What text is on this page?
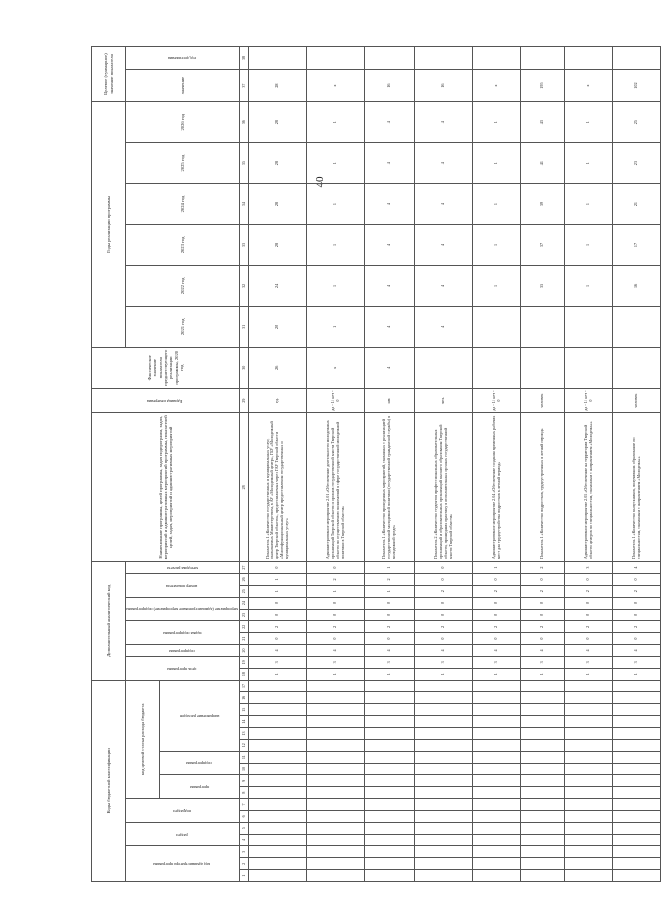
40
Коды бюджетной классификации																	Дополнительный аналитический код										Наименование программы, целей программы, задач подпрограмм, задач, мероприятий и административных мероприятий программы, показателей целей, задач, мероприятий и административных мероприятий	Единица измерения	Фактическое значение показателя предшествующего реализации программы, 2020 год	Годы реализации программы						Целевое (суммарное) значение показателя	
код администратора программы			раздел		подраздел		код целевой статьи расхода бюджета										цель программы		подпрограмма	задача подпрограммы		мероприятие (административное мероприятие) подпрограммы		номер показателя		методика расчета				2021 год	2022 год	2023 год	2024 год	2025 год	2026 год	значение	год достижения
							программа		подпрограмма		направление расходов																										
1	2	3	4	5	6	7	8	9	10	11	12	13	14	15	16	17	18	19	20	21	22	23	24	25	26	27	28	29	30	31	32	33	34	35	36	37	38
																	1	3	4	0	2	0	0	1	1	0	Показатель 1 «Количество государственных и муниципальных услуг, оказываемых Министерством, в АУ «Молодежный центр», ГБУ «Молодежный центр Тверской области», предоставляемых через ГАУ Тверской области «Многофункциональный центр предоставления государственных и муниципальных услуг»	ед.	26	20	24	28	28	28	28	28	
																	1	3	4	0	2	0	0	1	2	0	Административное мероприятие 2.01 «Обеспечение деятельности молодежных организаций Тверской области и органов государственной власти Тверской области по осуществлению полномочий в сфере государственной молодежной политики в Тверской области»	да - 1/ нет - 0	х	1	1	1	1	1	1	х	
																	1	3	4	0	2	0	0	1	2	1	Показатель 1 «Количество проведенных мероприятий, связанных с реализацией государственной молодежной политики (государственной гражданской службы) в молодежной среде»	шт.	4	4	4	4	4	4	4	16	
																	1	3	4	0	2	0	0	2	0	0	Показатель 2 «Количество студентов профессиональных образовательных организаций и образовательных организаций высшего образования Тверской области, прошедших практику в исполнительных органах государственной власти Тверской области»	чел.		4	4	4	4	4	4	16	
																	1	3	4	0	2	0	0	2	0	1	Административное мероприятие 2.04 «Обеспечение создания временных рабочих мест для трудоустройства подростков в летний период»	да - 1/ нет - 0			1	1	1	1	1	х	
																	1	3	4	0	2	0	0	2	0	2	Показатель 1 «Количество подростков, трудоустроенных в летний период»	человек			35	37	39	41	43	195	
																	1	3	4	0	2	0	0	2	0	3	Административное мероприятие 2.05 «Обеспечение на территории Тверской области центров по специальностям, связанным с направлением «Молодежь»»	да - 1/ нет - 0			1	1	1	1	1	х	
																	1	3	4	0	2	0	0	2	0	4	Показатель 1 «Количество выпускников, получивших образование по специальностям, связанным с направлением «Молодежь»»	человек			16	17	21	23	25	102	
